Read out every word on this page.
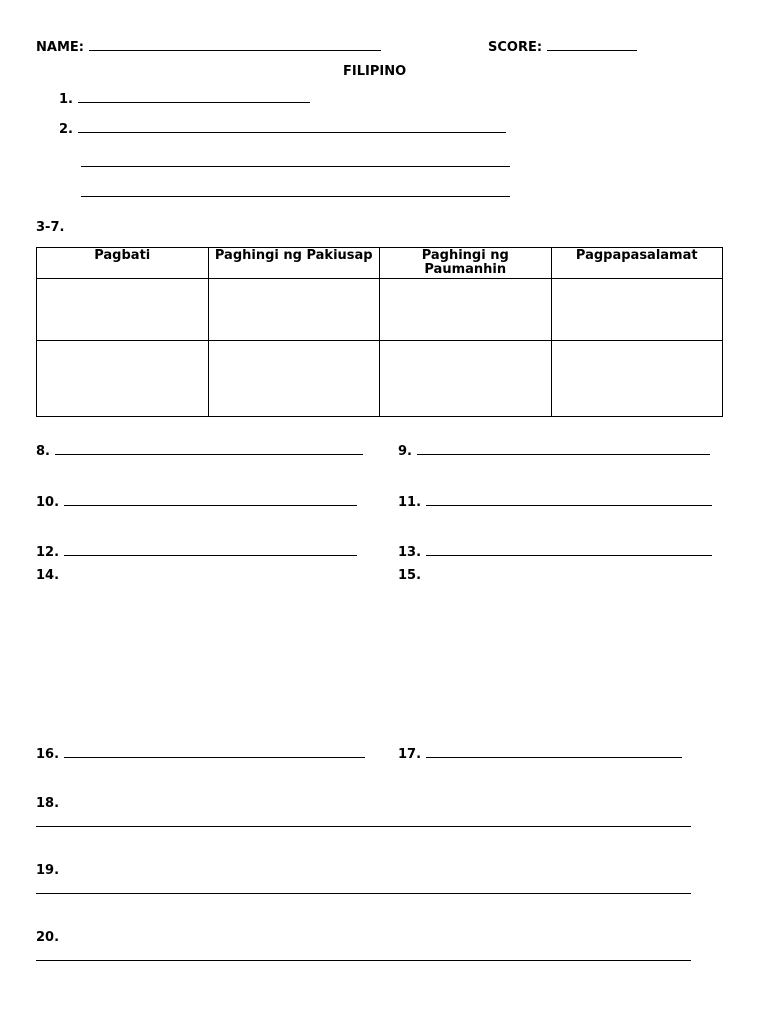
NAME:	SCORE:
FILIPINO
1.
2.
3-7.
Pagbati	Paghingi ng Pakiusap	Paghingi ng Paumanhin	Pagpapasalamat

8.	9.
10.	11.
12.	13.
14.	15.
16.	17.
18.
19.
20.
